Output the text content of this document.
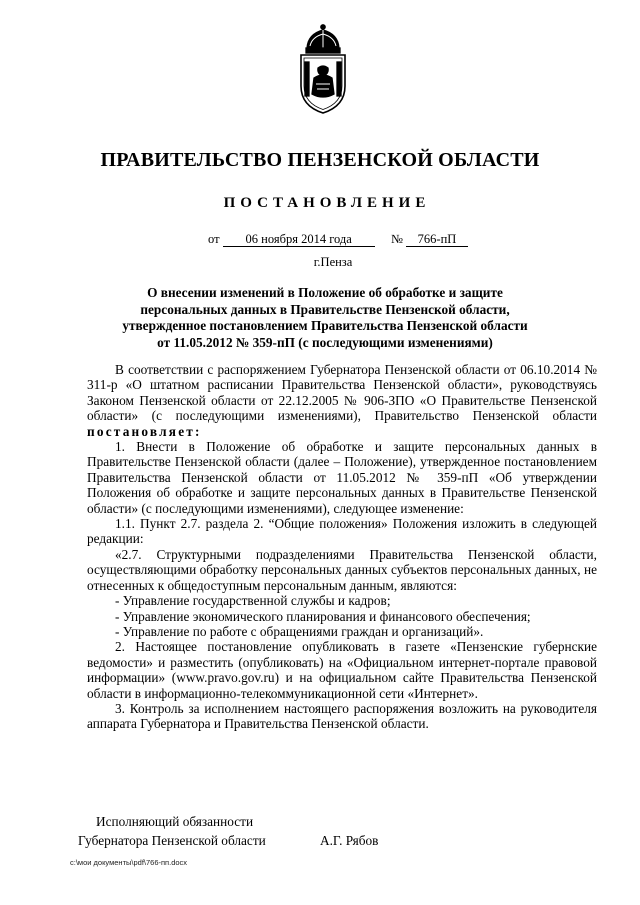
ПРАВИТЕЛЬСТВО ПЕНЗЕНСКОЙ ОБЛАСТИ
ПОСТАНОВЛЕНИЕ
от 06 ноября 2014 года	№ 766-пП
г.Пенза
О внесении изменений в Положение об обработке и защите
персональных данных в Правительстве Пензенской области,
утвержденное постановлением Правительства Пензенской области
от 11.05.2012 № 359-пП (с последующими изменениями)

В соответствии с распоряжением Губернатора Пензенской области от 06.10.2014 № 311-р «О штатном расписании Правительства Пензенской области», руководствуясь Законом Пензенской области от 22.12.2005 № 906-ЗПО «О Правительстве Пензенской области» (с последующими изменениями), Правительство Пензенской области постановляет:

1. Внести в Положение об обработке и защите персональных данных в Правительстве Пензенской области (далее – Положение), утвержденное постановлением Правительства Пензенской области от 11.05.2012 № 359-пП «Об утверждении Положения об обработке и защите персональных данных в Правительстве Пензенской области» (с последующими изменениями), следующее изменение:

1.1. Пункт 2.7. раздела 2. “Общие положения» Положения изложить в следующей редакции:

«2.7. Структурными подразделениями Правительства Пензенской области, осуществляющими обработку персональных данных субъектов персональных данных, не отнесенных к общедоступным персональным данным, являются:

- Управление государственной службы и кадров;

- Управление экономического планирования и финансового обеспечения;

- Управление по работе с обращениями граждан и организаций».

2. Настоящее постановление опубликовать в газете «Пензенские губернские ведомости» и разместить (опубликовать) на «Официальном интернет-портале правовой информации» (www.pravo.gov.ru) и на официальном сайте Правительства Пензенской области в информационно-телекоммуникационной сети «Интернет».

3. Контроль за исполнением настоящего распоряжения возложить на руководителя аппарата Губернатора и Правительства Пензенской области.

Исполняющий обязанности
Губернатора Пензенской области	А.Г. Рябов
c:\мои документы\pdf\766-пп.docx
